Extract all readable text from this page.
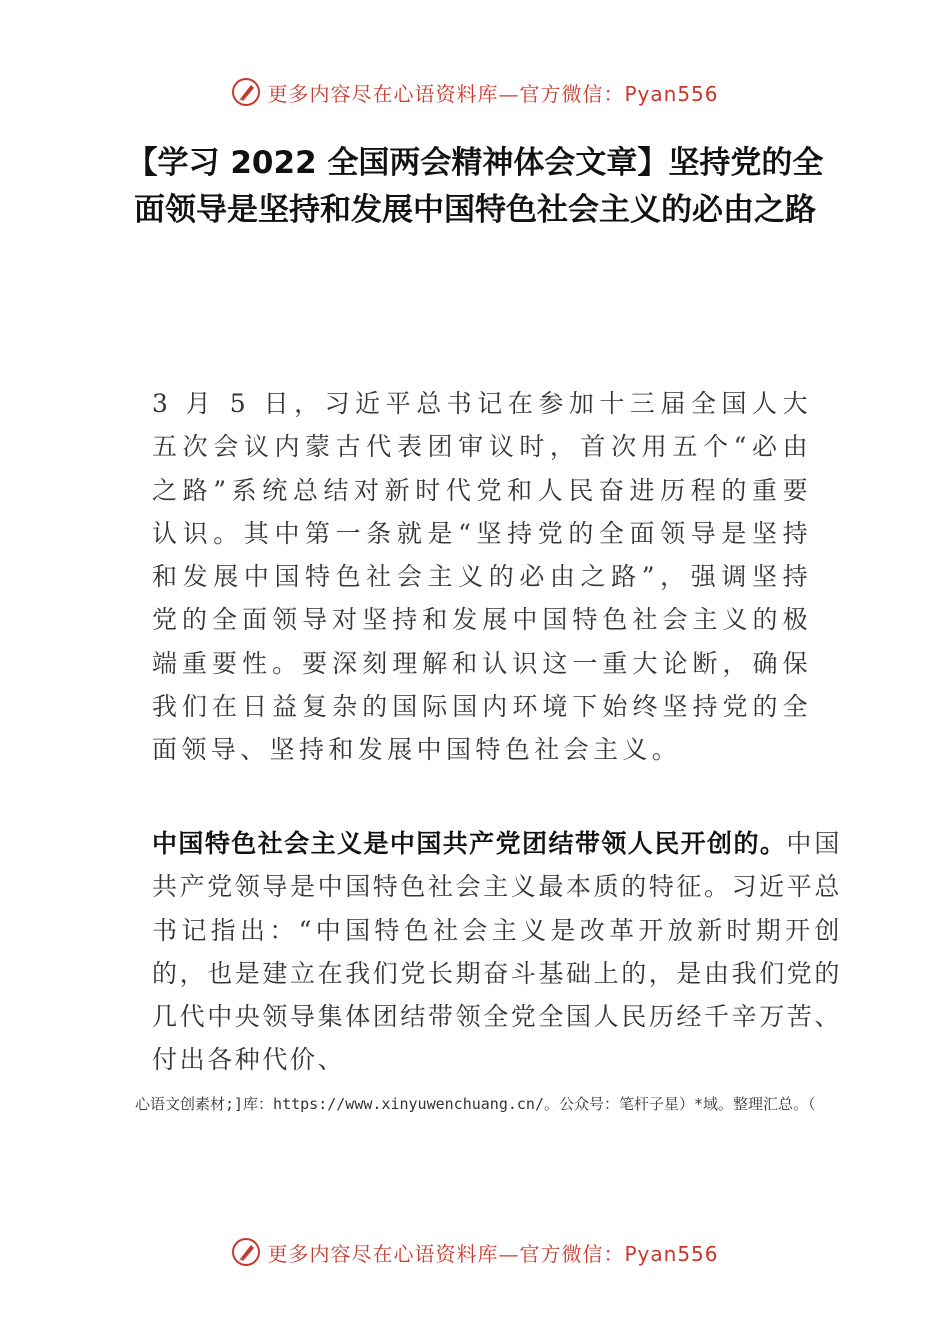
更多内容尽在心语资料库—官方微信：Pyan556
【学习 2022 全国两会精神体会文章】坚持党的全面领导是坚持和发展中国特色社会主义的必由之路

3 月 5 日，习近平总书记在参加十三届全国人大五次会议内蒙古代表团审议时，首次用五个“必由之路”系统总结对新时代党和人民奋进历程的重要认识。其中第一条就是“坚持党的全面领导是坚持和发展中国特色社会主义的必由之路”，强调坚持党的全面领导对坚持和发展中国特色社会主义的极端重要性。要深刻理解和认识这一重大论断，确保我们在日益复杂的国际国内环境下始终坚持党的全面领导、坚持和发展中国特色社会主义。

中国特色社会主义是中国共产党团结带领人民开创的。中国共产党领导是中国特色社会主义最本质的特征。习近平总书记指出：“中国特色社会主义是改革开放新时期开创的，也是建立在我们党长期奋斗基础上的，是由我们党的几代中央领导集体团结带领全党全国人民历经千辛万苦、付出各种代价、

心语文创素材;]库：https://www.xinyuwenchuang.cn/。公众号：笔杆子星）*域。整理汇总。（

更多内容尽在心语资料库—官方微信：Pyan556
